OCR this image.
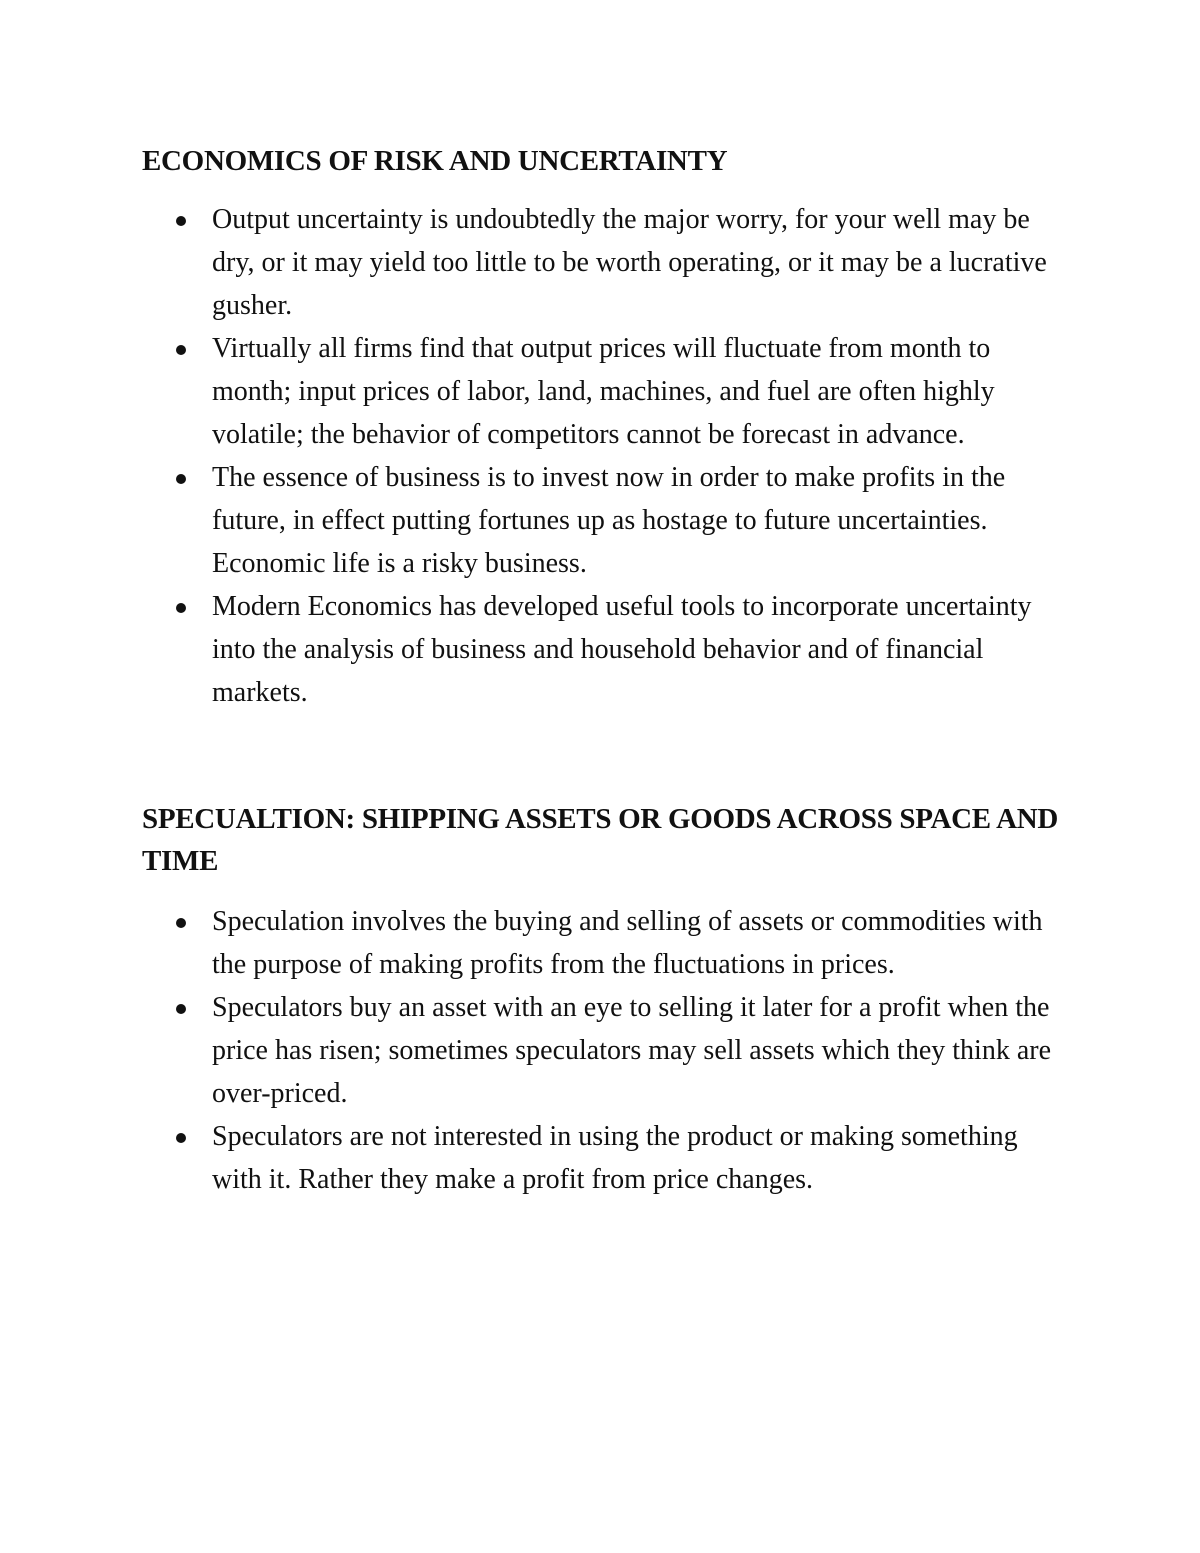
ECONOMICS OF RISK AND UNCERTAINTY
Output uncertainty is undoubtedly the major worry, for your well may be dry, or it may yield too little to be worth operating, or it may be a lucrative gusher.
Virtually all firms find that output prices will fluctuate from month to month; input prices of labor, land, machines, and fuel are often highly volatile; the behavior of competitors cannot be forecast in advance.
The essence of business is to invest now in order to make profits in the future, in effect putting fortunes up as hostage to future uncertainties. Economic life is a risky business.
Modern Economics has developed useful tools to incorporate uncertainty into the analysis of business and household behavior and of financial markets.
SPECUALTION: SHIPPING ASSETS OR GOODS ACROSS SPACE AND TIME
Speculation involves the buying and selling of assets or commodities with the purpose of making profits from the fluctuations in prices.
Speculators buy an asset with an eye to selling it later for a profit when the price has risen; sometimes speculators may sell assets which they think are over-priced.
Speculators are not interested in using the product or making something with it. Rather they make a profit from price changes.
